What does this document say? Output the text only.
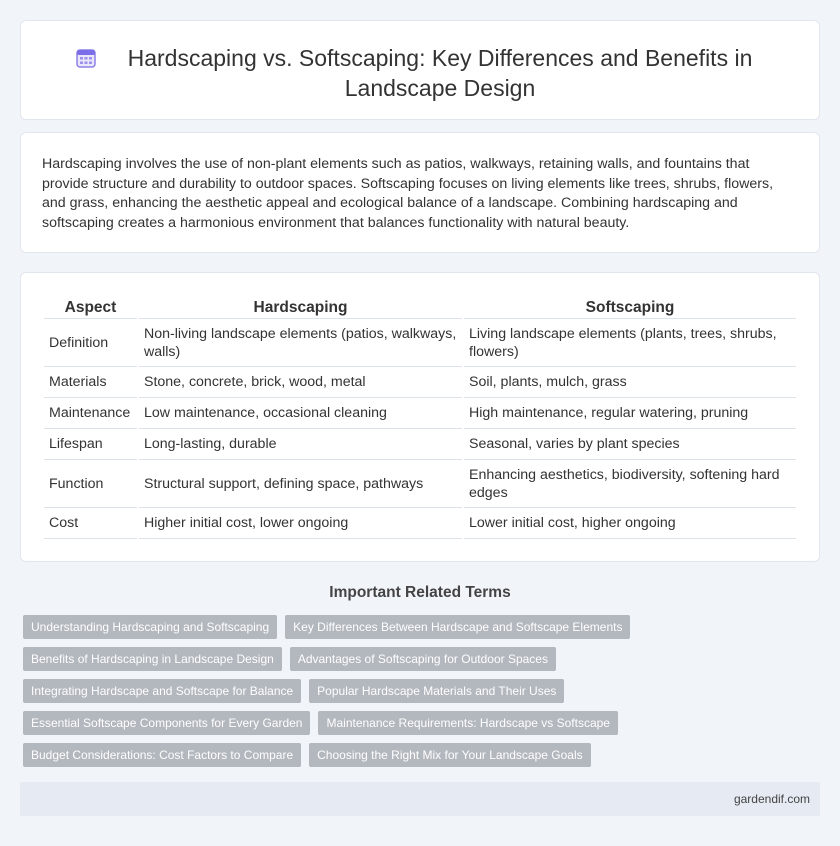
Hardscaping vs. Softscaping: Key Differences and Benefits in Landscape Design

Hardscaping involves the use of non-plant elements such as patios, walkways, retaining walls, and fountains that provide structure and durability to outdoor spaces. Softscaping focuses on living elements like trees, shrubs, flowers, and grass, enhancing the aesthetic appeal and ecological balance of a landscape. Combining hardscaping and softscaping creates a harmonious environment that balances functionality with natural beauty.

Aspect	Hardscaping	Softscaping
Definition	Non-living landscape elements (patios, walkways, walls)	Living landscape elements (plants, trees, shrubs, flowers)
Materials	Stone, concrete, brick, wood, metal	Soil, plants, mulch, grass
Maintenance	Low maintenance, occasional cleaning	High maintenance, regular watering, pruning
Lifespan	Long-lasting, durable	Seasonal, varies by plant species
Function	Structural support, defining space, pathways	Enhancing aesthetics, biodiversity, softening hard edges
Cost	Higher initial cost, lower ongoing	Lower initial cost, higher ongoing
Important Related Terms
Understanding Hardscaping and Softscaping	Key Differences Between Hardscape and Softscape Elements
Benefits of Hardscaping in Landscape Design	Advantages of Softscaping for Outdoor Spaces
Integrating Hardscape and Softscape for Balance	Popular Hardscape Materials and Their Uses
Essential Softscape Components for Every Garden	Maintenance Requirements: Hardscape vs Softscape
Budget Considerations: Cost Factors to Compare	Choosing the Right Mix for Your Landscape Goals
gardendif.com
